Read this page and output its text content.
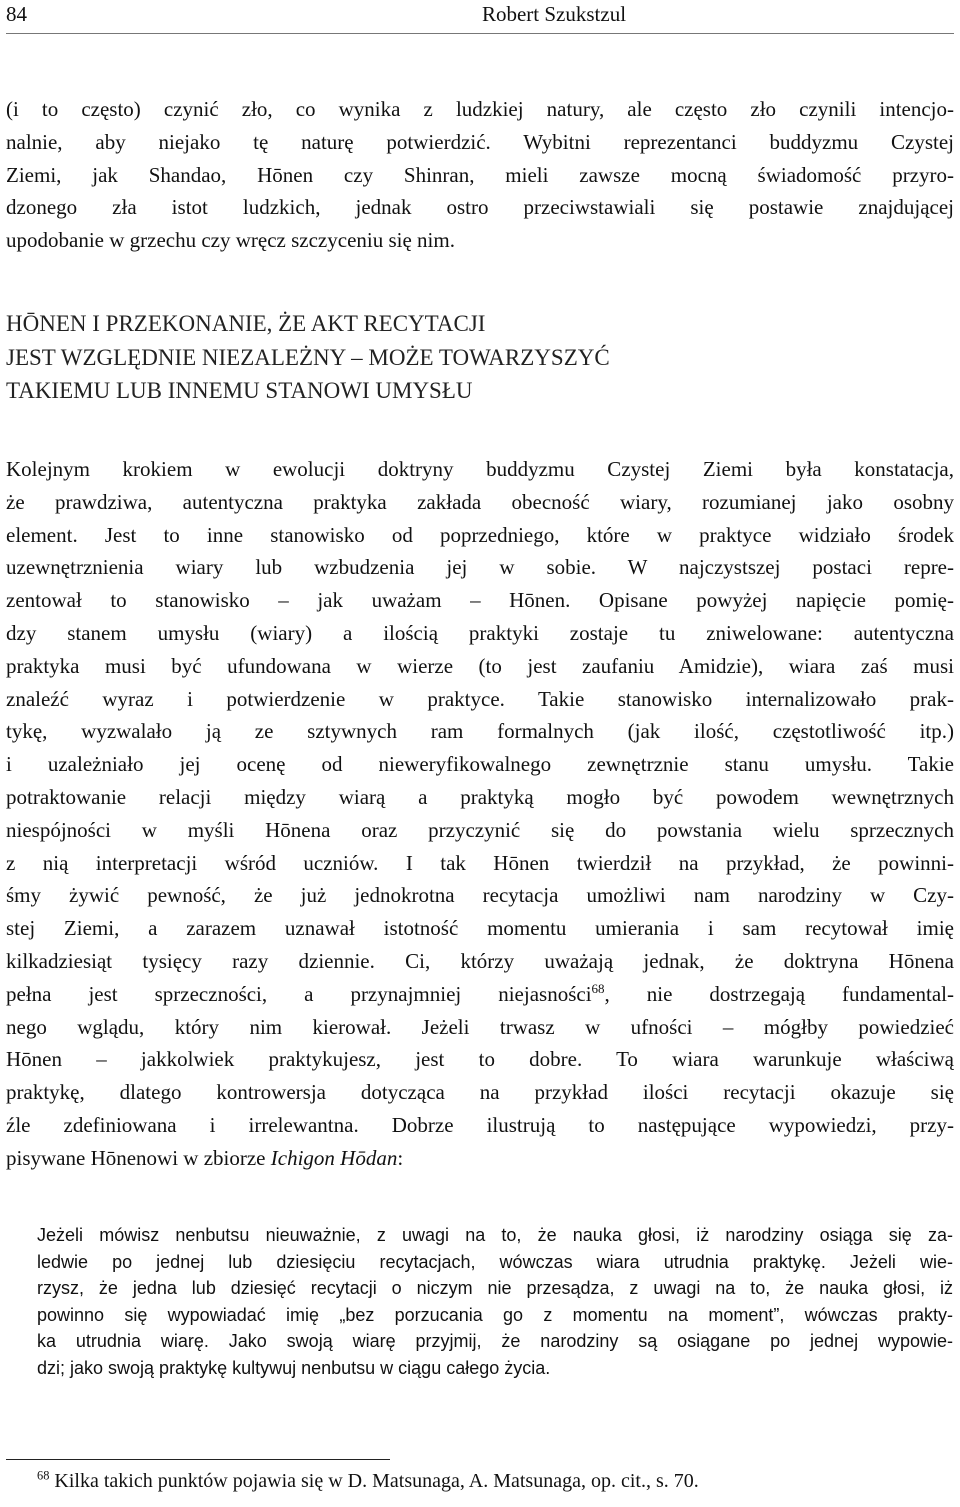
84	Robert Szukstzul
(i to często) czynić zło, co wynika z ludzkiej natury, ale często zło czynili intencjo-
nalnie, aby niejako tę naturę potwierdzić. Wybitni reprezentanci buddyzmu Czystej
Ziemi, jak Shandao, Hōnen czy Shinran, mieli zawsze mocną świadomość przyro-
dzonego zła istot ludzkich, jednak ostro przeciwstawiali się postawie znajdującej
upodobanie w grzechu czy wręcz szczyceniu się nim.
HŌNEN I PRZEKONANIE, ŻE AKT RECYTACJI
JEST WZGLĘDNIE NIEZALEŻNY – MOŻE TOWARZYSZYĆ
TAKIEMU LUB INNEMU STANOWI UMYSŁU
Kolejnym krokiem w ewolucji doktryny buddyzmu Czystej Ziemi była konstatacja,
że prawdziwa, autentyczna praktyka zakłada obecność wiary, rozumianej jako osobny
element. Jest to inne stanowisko od poprzedniego, które w praktyce widziało środek
uzewnętrznienia wiary lub wzbudzenia jej w sobie. W najczystszej postaci repre-
zentował to stanowisko – jak uważam – Hōnen. Opisane powyżej napięcie pomię-
dzy stanem umysłu (wiary) a ilością praktyki zostaje tu zniwelowane: autentyczna
praktyka musi być ufundowana w wierze (to jest zaufaniu Amidzie), wiara zaś musi
znaleźć wyraz i potwierdzenie w praktyce. Takie stanowisko internalizowało prak-
tykę, wyzwalało ją ze sztywnych ram formalnych (jak ilość, częstotliwość itp.)
i uzależniało jej ocenę od nieweryfikowalnego zewnętrznie stanu umysłu. Takie
potraktowanie relacji między wiarą a praktyką mogło być powodem wewnętrznych
niespójności w myśli Hōnena oraz przyczynić się do powstania wielu sprzecznych
z nią interpretacji wśród uczniów. I tak Hōnen twierdził na przykład, że powinni-
śmy żywić pewność, że już jednokrotna recytacja umożliwi nam narodziny w Czy-
stej Ziemi, a zarazem uznawał istotność momentu umierania i sam recytował imię
kilkadziesiąt tysięcy razy dziennie. Ci, którzy uważają jednak, że doktryna Hōnena
pełna jest sprzeczności, a przynajmniej niejasności$^{68}$, nie dostrzegają fundamental-
nego wglądu, który nim kierował. Jeżeli trwasz w ufności – mógłby powiedzieć
Hōnen – jakkolwiek praktykujesz, jest to dobre. To wiara warunkuje właściwą
praktykę, dlatego kontrowersja dotycząca na przykład ilości recytacji okazuje się
źle zdefiniowana i irrelewantna. Dobrze ilustrują to następujące wypowiedzi, przy-
pisywane Hōnenowi w zbiorze Ichigon Hōdan:
Jeżeli mówisz nenbutsu nieuważnie, z uwagi na to, że nauka głosi, iż narodziny osiąga się za-
ledwie po jednej lub dziesięciu recytacjach, wówczas wiara utrudnia praktykę. Jeżeli wie-
rzysz, że jedna lub dziesięć recytacji o niczym nie przesądza, z uwagi na to, że nauka głosi, iż
powinno się wypowiadać imię „bez porzucania go z momentu na moment”, wówczas prakty-
ka utrudnia wiarę. Jako swoją wiarę przyjmij, że narodziny są osiągane po jednej wypowie-
dzi; jako swoją praktykę kultywuj nenbutsu w ciągu całego życia.
$^{68}$ Kilka takich punktów pojawia się w D. Matsunaga, A. Matsunaga, op. cit., s. 70.
